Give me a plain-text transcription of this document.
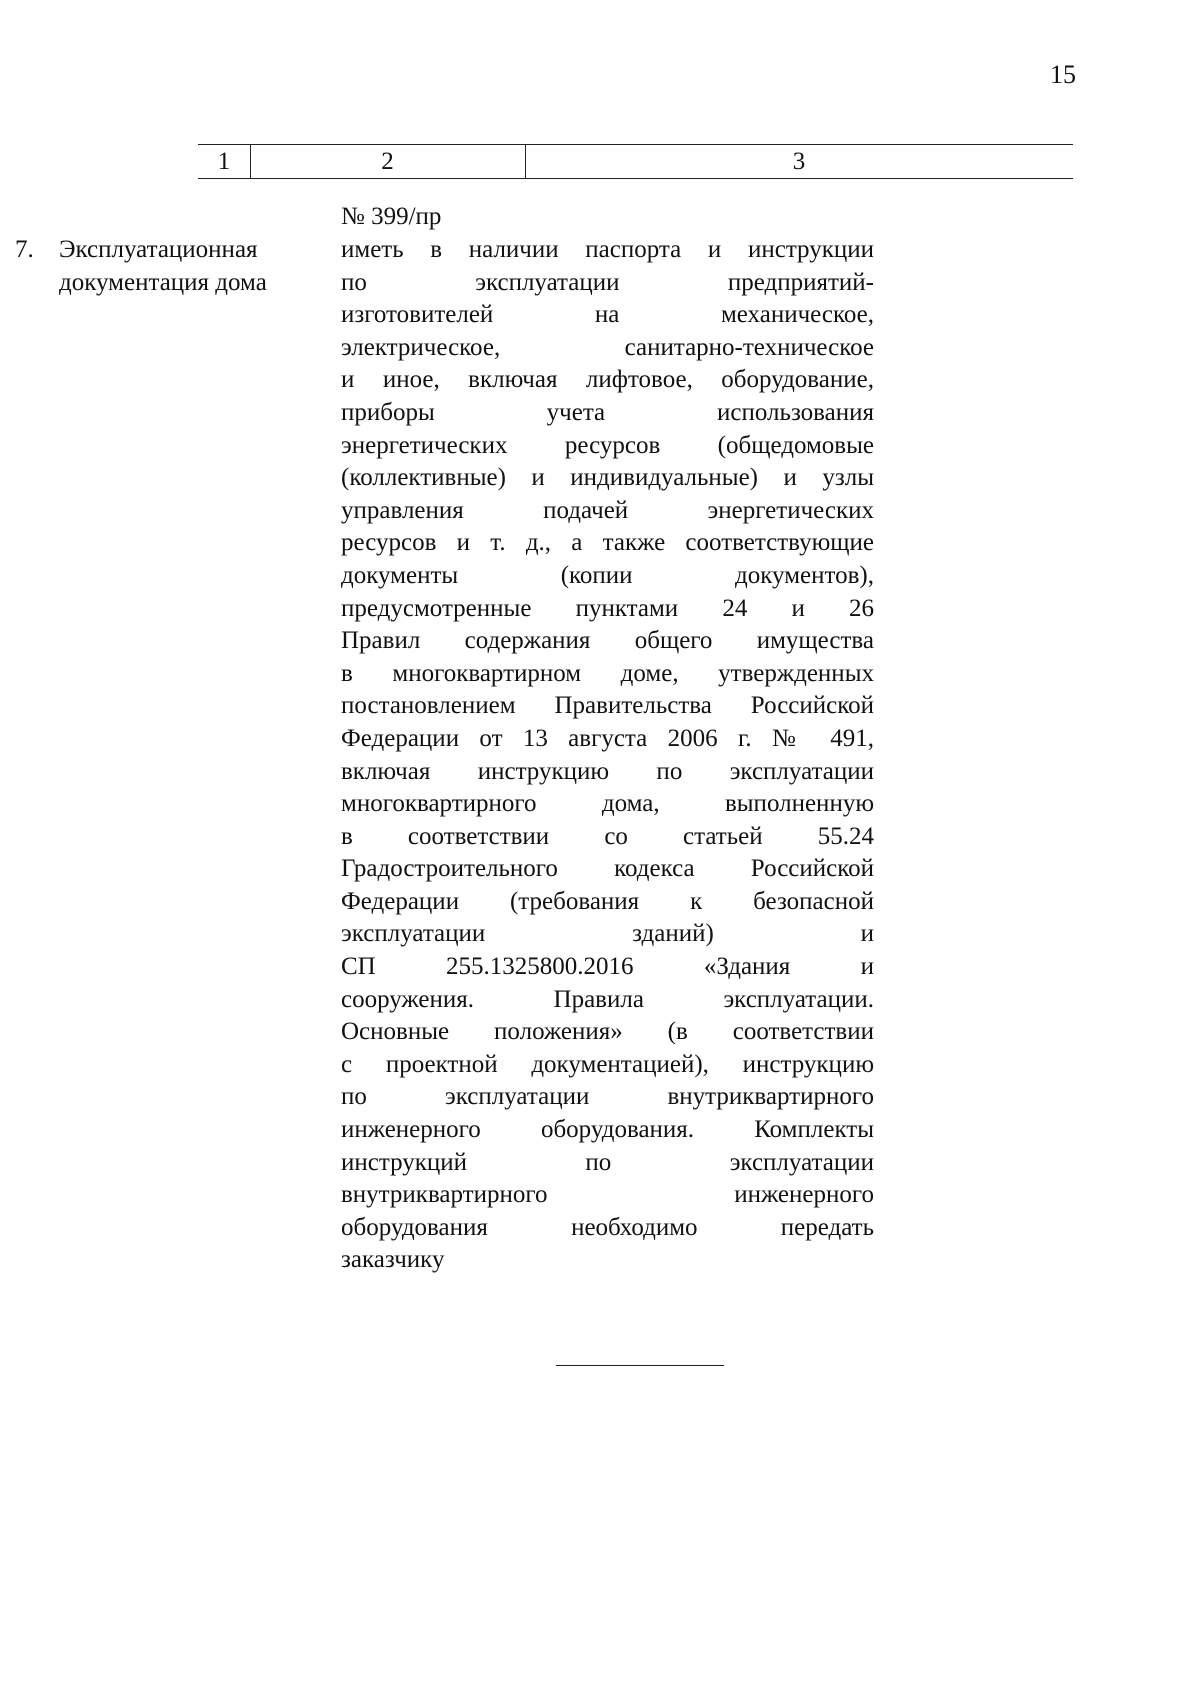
15
1	2	3
№ 399/пр
7. Эксплуатационная
документация дома
иметь в наличии паспорта и инструкции
по эксплуатации предприятий-
изготовителей на механическое,
электрическое, санитарно-техническое
и иное, включая лифтовое, оборудование,
приборы учета использования
энергетических ресурсов (общедомовые
(коллективные) и индивидуальные) и узлы
управления подачей энергетических
ресурсов и т. д., а также соответствующие
документы (копии документов),
предусмотренные пунктами 24 и 26
Правил содержания общего имущества
в многоквартирном доме, утвержденных
постановлением Правительства Российской
Федерации от 13 августа 2006 г. № 491,
включая инструкцию по эксплуатации
многоквартирного дома, выполненную
в соответствии со статьей 55.24
Градостроительного кодекса Российской
Федерации (требования к безопасной
эксплуатации зданий) и
СП 255.1325800.2016 «Здания и
сооружения. Правила эксплуатации.
Основные положения» (в соответствии
с проектной документацией), инструкцию
по эксплуатации внутриквартирного
инженерного оборудования. Комплекты
инструкций по эксплуатации
внутриквартирного инженерного
оборудования необходимо передать
заказчику
